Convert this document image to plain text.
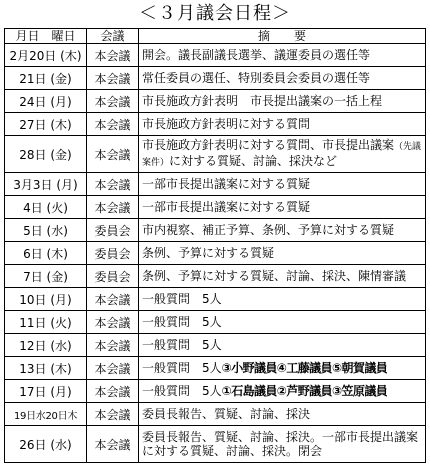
＜３月議会日程＞
月日　曜日	会議	摘　　要
2月20日 (木)	本会議	開会。議長副議長選挙、議運委員の選任等
21日 (金)	本会議	常任委員の選任、特別委員会委員の選任等
24日 (月)	本会議	市長施政方針表明　市長提出議案の一括上程
27日 (木)	本会議	市長施政方針表明に対する質問
28日 (金)	本会議	市長施政方針表明に対する質問、市長提出議案（先議案件）に対する質疑、討論、採決など
3月3日 (月)	本会議	一部市長提出議案に対する質疑
4日 (火)	本会議	一部市長提出議案に対する質疑
5日 (水)	委員会	市内視察、補正予算、条例、予算に対する質疑
6日 (木)	委員会	条例、予算に対する質疑
7日 (金)	委員会	条例、予算に対する質疑、討論、採決、陳情審議
10日 (月)	本会議	一般質問　5人
11日 (火)	本会議	一般質問　5人
12日 (水)	本会議	一般質問　5人
13日 (木)	本会議	一般質問　5人③小野議員④工藤議員⑤朝賀議員
17日 (月)	本会議	一般質問　5人①石島議員②芦野議員③笠原議員
19日水20日木	本会議	委員長報告、質疑、討論、採決
26日 (水)	本会議	委員長報告、質疑、討論、採決。一部市長提出議案に対する質疑、討論、採決。閉会
